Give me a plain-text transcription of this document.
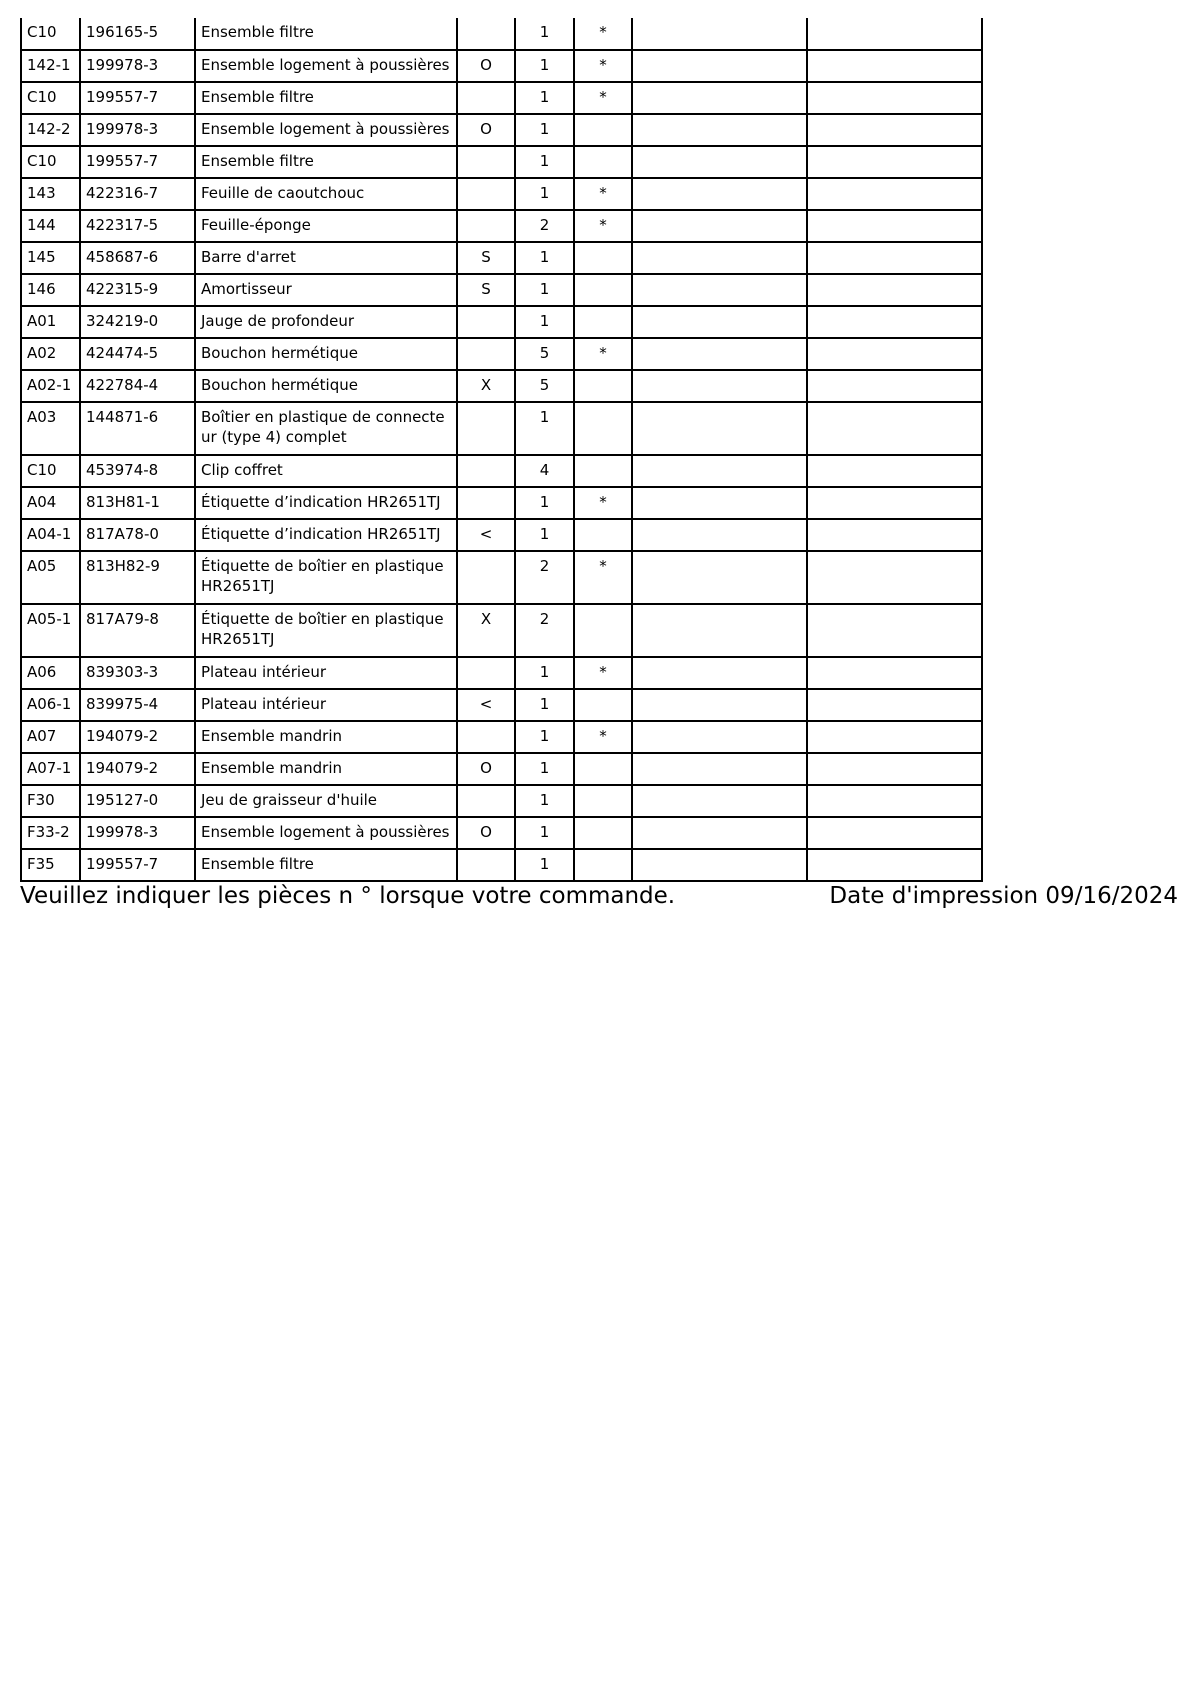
C10	196165-5	Ensemble filtre		1	*		
142-1	199978-3	Ensemble logement à poussières	O	1	*		
C10	199557-7	Ensemble filtre		1	*		
142-2	199978-3	Ensemble logement à poussières	O	1			
C10	199557-7	Ensemble filtre		1			
143	422316-7	Feuille de caoutchouc		1	*		
144	422317-5	Feuille-éponge		2	*		
145	458687-6	Barre d'arret	S	1			
146	422315-9	Amortisseur	S	1			
A01	324219-0	Jauge de profondeur		1			
A02	424474-5	Bouchon hermétique		5	*		
A02-1	422784-4	Bouchon hermétique	X	5			
A03	144871-6	Boîtier en plastique de connecte ur (type 4) complet		1			
C10	453974-8	Clip coffret		4			
A04	813H81-1	Étiquette d’indication HR2651TJ		1	*		
A04-1	817A78-0	Étiquette d’indication HR2651TJ	<	1			
A05	813H82-9	Étiquette de boîtier en plastique HR2651TJ		2	*		
A05-1	817A79-8	Étiquette de boîtier en plastique HR2651TJ	X	2			
A06	839303-3	Plateau intérieur		1	*		
A06-1	839975-4	Plateau intérieur	<	1			
A07	194079-2	Ensemble mandrin		1	*		
A07-1	194079-2	Ensemble mandrin	O	1			
F30	195127-0	Jeu de graisseur d'huile		1			
F33-2	199978-3	Ensemble logement à poussières	O	1			
F35	199557-7	Ensemble filtre		1			
Veuillez indiquer les pièces n ° lorsque votre commande.	Date d'impression 09/16/2024
